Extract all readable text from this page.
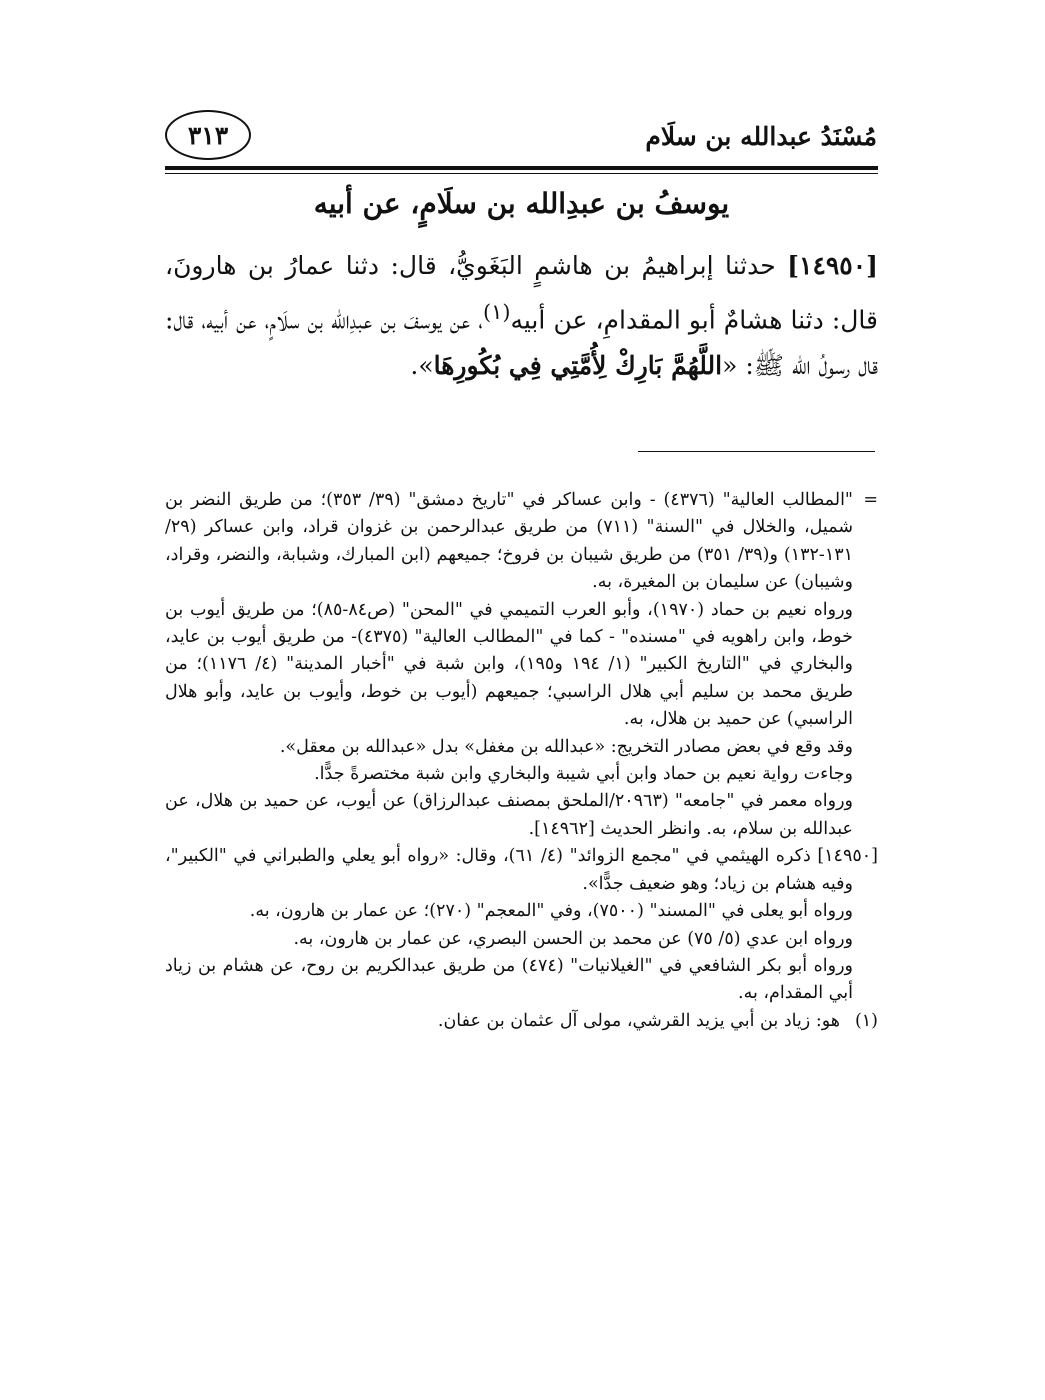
مُسْنَدُ عبدالله بن سلَام
٣١٣
يوسفُ بن عبدِالله بن سلَامٍ، عن أبيه

[١٤٩٥٠] حدثنا إبراهيمُ بن هاشمٍ البَغَويُّ، قال: دثنا عمارُ بن هارونَ، قال: دثنا هشامٌ أبو المقدامِ، عن أبيه$^{(١)}$، عن يوسفَ بن عبدِالله بن سلَامٍ، عن أبيه، قال: قال رسولُ الله ﷺ: «اللَّهُمَّ بَارِكْ لِأُمَّتِي فِي بُكُورِهَا».

=

"المطالب العالية" (٤٣٧٦) - وابن عساكر في "تاريخ دمشق" (٣٩/ ٣٥٣)؛ من طريق النضر بن شميل، والخلال في "السنة" (٧١١) من طريق عبدالرحمن بن غزوان قراد، وابن عساكر (٢٩/ ١٣١-١٣٢) و(٣٩/ ٣٥١) من طريق شيبان بن فروخ؛ جميعهم (ابن المبارك، وشبابة، والنضر، وقراد، وشيبان) عن سليمان بن المغيرة، به.

ورواه نعيم بن حماد (١٩٧٠)، وأبو العرب التميمي في "المحن" (ص٨٤-٨٥)؛ من طريق أيوب بن خوط، وابن راهويه في "مسنده" - كما في "المطالب العالية" (٤٣٧٥)- من طريق أيوب بن عايد، والبخاري في "التاريخ الكبير" (١/ ١٩٤ و١٩٥)، وابن شبة في "أخبار المدينة" (٤/ ١١٧٦)؛ من طريق محمد بن سليم أبي هلال الراسبي؛ جميعهم (أيوب بن خوط، وأيوب بن عايد، وأبو هلال الراسبي) عن حميد بن هلال، به.

وقد وقع في بعض مصادر التخريج: «عبدالله بن مغفل» بدل «عبدالله بن معقل».

وجاءت رواية نعيم بن حماد وابن أبي شيبة والبخاري وابن شبة مختصرةً جدًّا.

ورواه معمر في "جامعه" (٢٠٩٦٣/الملحق بمصنف عبدالرزاق) عن أيوب، عن حميد بن هلال، عن عبدالله بن سلام، به. وانظر الحديث [١٤٩٦٢].

[١٤٩٥٠] ذكره الهيثمي في "مجمع الزوائد" (٤/ ٦١)، وقال: «رواه أبو يعلي والطبراني في "الكبير"، وفيه هشام بن زياد؛ وهو ضعيف جدًّا».

ورواه أبو يعلى في "المسند" (٧٥٠٠)، وفي "المعجم" (٢٧٠)؛ عن عمار بن هارون، به.

ورواه ابن عدي (٥/ ٧٥) عن محمد بن الحسن البصري، عن عمار بن هارون، به.

ورواه أبو بكر الشافعي في "الغيلانيات" (٤٧٤) من طريق عبدالكريم بن روح، عن هشام بن زياد أبي المقدام، به.

(١)

هو: زياد بن أبي يزيد القرشي، مولى آل عثمان بن عفان.
